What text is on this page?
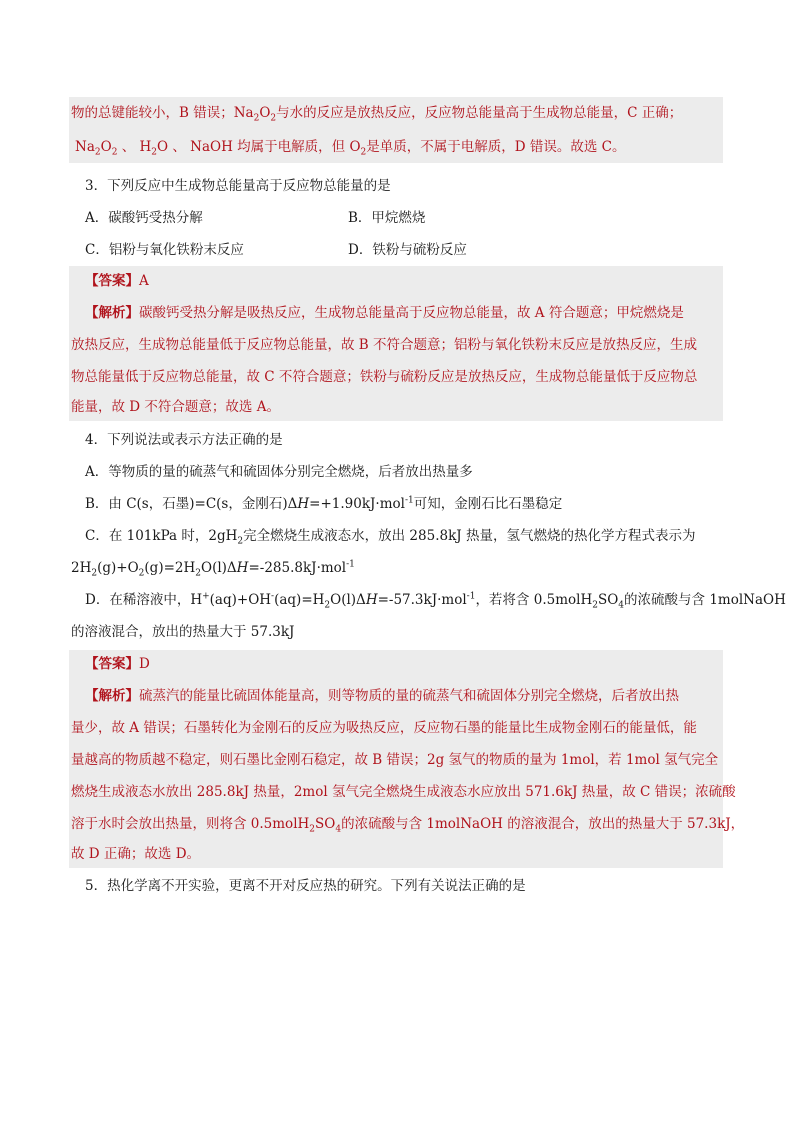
物的总键能较小，B 错误；$Na_2O_2$与水的反应是放热反应，反应物总能量高于生成物总能量，C 正确；
$Na_2O_2$ 、 $H_2O$ 、 NaOH 均属于电解质，但 $O_2$是单质，不属于电解质，D 错误。故选 C。
3．下列反应中生成物总能量高于反应物总能量的是
A．碳酸钙受热分解	B．甲烷燃烧
C．铝粉与氧化铁粉末反应	D．铁粉与硫粉反应
【答案】A
【解析】碳酸钙受热分解是吸热反应，生成物总能量高于反应物总能量，故 A 符合题意；甲烷燃烧是
放热反应，生成物总能量低于反应物总能量，故 B 不符合题意；铝粉与氧化铁粉末反应是放热反应，生成
物总能量低于反应物总能量，故 C 不符合题意；铁粉与硫粉反应是放热反应，生成物总能量低于反应物总
能量，故 D 不符合题意；故选 A。
4．下列说法或表示方法正确的是
A．等物质的量的硫蒸气和硫固体分别完全燃烧，后者放出热量多
B．由 C(s，石墨)=C(s，金刚石)ΔH=+1.90kJ·mol$^{-1}$可知，金刚石比石墨稳定
C．在 101kPa 时，$2gH_2$完全燃烧生成液态水，放出 285.8kJ 热量，氢气燃烧的热化学方程式表示为
$2H_2(g)+O_2(g)=2H_2O(l)\Delta H=-285.8kJ\cdot mol^{-1}$
D．在稀溶液中，$H^+(aq)+OH^-(aq)=H_2O(l)\Delta H=-57.3kJ\cdot mol^{-1}$，若将含 $0.5molH_2SO_4$的浓硫酸与含 1molNaOH
的溶液混合，放出的热量大于 57.3kJ
【答案】D
【解析】硫蒸汽的能量比硫固体能量高，则等物质的量的硫蒸气和硫固体分别完全燃烧，后者放出热
量少，故 A 错误；石墨转化为金刚石的反应为吸热反应，反应物石墨的能量比生成物金刚石的能量低，能
量越高的物质越不稳定，则石墨比金刚石稳定，故 B 错误；2g 氢气的物质的量为 1mol，若 1mol 氢气完全
燃烧生成液态水放出 285.8kJ 热量，2mol 氢气完全燃烧生成液态水应放出 571.6kJ 热量，故 C 错误；浓硫酸
溶于水时会放出热量，则将含 $0.5molH_2SO_4$的浓硫酸与含 1molNaOH 的溶液混合，放出的热量大于 57.3kJ，
故 D 正确；故选 D。
5．热化学离不开实验，更离不开对反应热的研究。下列有关说法正确的是
